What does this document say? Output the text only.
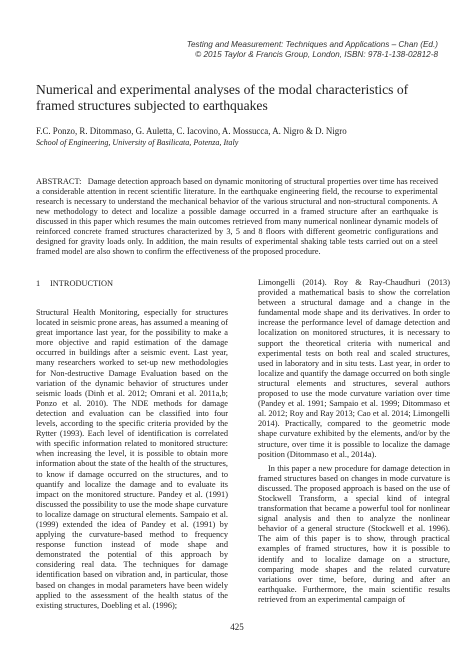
Testing and Measurement: Techniques and Applications – Chan (Ed.)
© 2015 Taylor & Francis Group, London, ISBN: 978-1-138-02812-8
Numerical and experimental analyses of the modal characteristics of framed structures subjected to earthquakes
F.C. Ponzo, R. Ditommaso, G. Auletta, C. Iacovino, A. Mossucca, A. Nigro & D. Nigro
School of Engineering, University of Basilicata, Potenza, Italy
ABSTRACT: Damage detection approach based on dynamic monitoring of structural properties over time has received a considerable attention in recent scientific literature. In the earthquake engineering field, the recourse to experimental research is necessary to understand the mechanical behavior of the various structural and non-structural components. A new methodology to detect and localize a possible damage occurred in a framed structure after an earthquake is discussed in this paper which resumes the main outcomes retrieved from many numerical nonlinear dynamic models of reinforced concrete framed structures characterized by 3, 5 and 8 floors with different geometric configurations and designed for gravity loads only. In addition, the main results of experimental shaking table tests carried out on a steel framed model are also shown to confirm the effectiveness of the proposed procedure.
1 INTRODUCTION

Structural Health Monitoring, especially for structures located in seismic prone areas, has assumed a meaning of great importance last year, for the possibility to make a more objective and rapid estimation of the damage occurred in buildings after a seismic event. Last year, many researchers worked to set-up new methodologies for Non-destructive Damage Evaluation based on the variation of the dynamic behavior of structures under seismic loads (Dinh et al. 2012; Omrani et al. 2011a,b; Ponzo et al. 2010). The NDE methods for damage detection and evaluation can be classified into four levels, according to the specific criteria provided by the Rytter (1993). Each level of identification is correlated with specific information related to monitored structure: when increasing the level, it is possible to obtain more information about the state of the health of the structures, to know if damage occurred on the structures, and to quantify and localize the damage and to evaluate its impact on the monitored structure. Pandey et al. (1991) discussed the possibility to use the mode shape curvature to localize damage on structural elements. Sampaio et al. (1999) extended the idea of Pandey et al. (1991) by applying the curvature-based method to frequency response function instead of mode shape and demonstrated the potential of this approach by considering real data. The techniques for damage identification based on vibration and, in particular, those based on changes in modal parameters have been widely applied to the assessment of the health status of the existing structures, Doebling et al. (1996);

Limongelli (2014). Roy & Ray-Chaudhuri (2013) provided a mathematical basis to show the correlation between a structural damage and a change in the fundamental mode shape and its derivatives. In order to increase the performance level of damage detection and localization on monitored structures, it is necessary to support the theoretical criteria with numerical and experimental tests on both real and scaled structures, used in laboratory and in situ tests. Last year, in order to localize and quantify the damage occurred on both single structural elements and structures, several authors proposed to use the mode curvature variation over time (Pandey et al. 1991; Sampaio et al. 1999; Ditommaso et al. 2012; Roy and Ray 2013; Cao et al. 2014; Limongelli 2014). Practically, compared to the geometric mode shape curvature exhibited by the elements, and/or by the structure, over time it is possible to localize the damage position (Ditommaso et al., 2014a).

In this paper a new procedure for damage detection in framed structures based on changes in mode curvature is discussed. The proposed approach is based on the use of Stockwell Transform, a special kind of integral transformation that became a powerful tool for nonlinear signal analysis and then to analyze the nonlinear behavior of a general structure (Stockwell et al. 1996). The aim of this paper is to show, through practical examples of framed structures, how it is possible to identify and to localize damage on a structure, comparing mode shapes and the related curvature variations over time, before, during and after an earthquake. Furthermore, the main scientific results retrieved from an experimental campaign of

425
